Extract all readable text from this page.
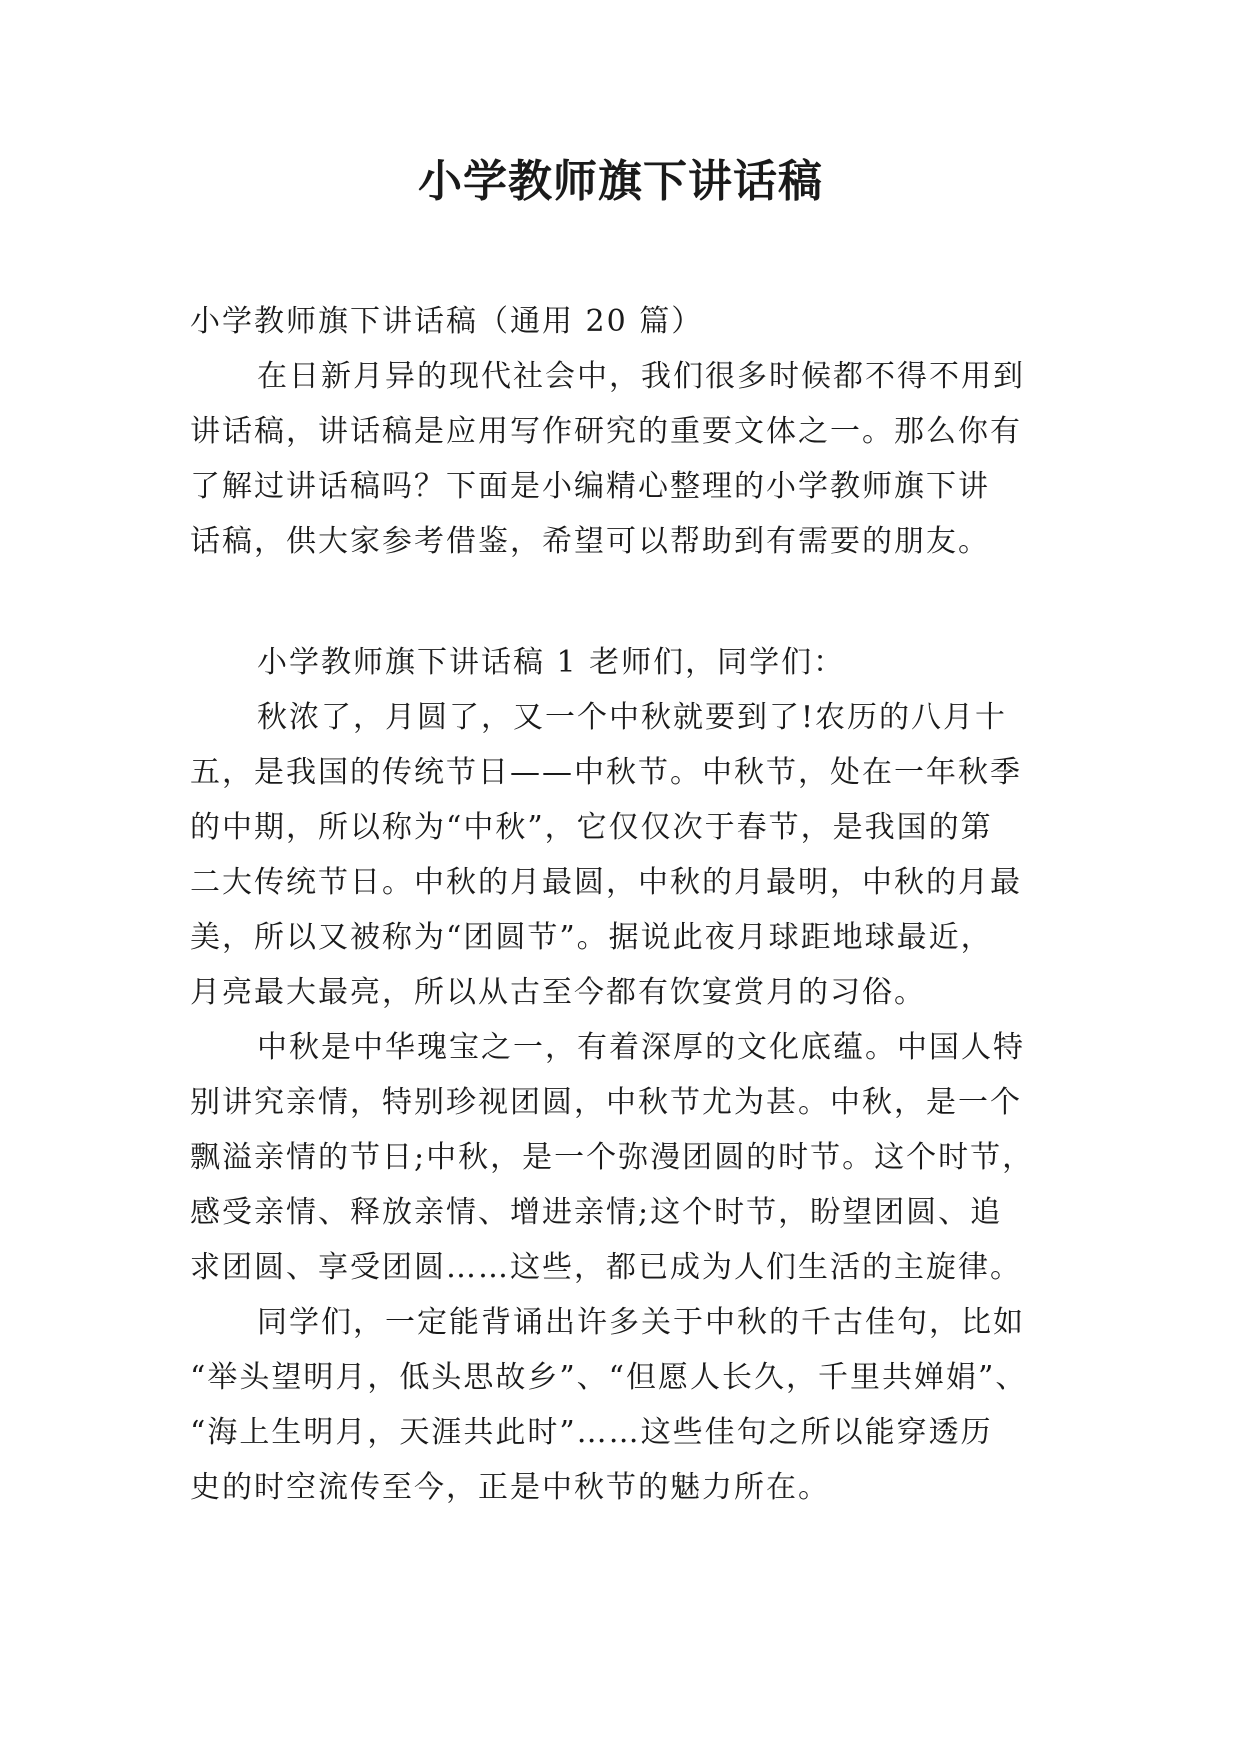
小学教师旗下讲话稿
小学教师旗下讲话稿（通用 20 篇）
在日新月异的现代社会中，我们很多时候都不得不用到
讲话稿，讲话稿是应用写作研究的重要文体之一。那么你有
了解过讲话稿吗？下面是小编精心整理的小学教师旗下讲
话稿，供大家参考借鉴，希望可以帮助到有需要的朋友。
小学教师旗下讲话稿 1 老师们，同学们：
秋浓了，月圆了，又一个中秋就要到了!农历的八月十
五，是我国的传统节日——中秋节。中秋节，处在一年秋季
的中期，所以称为“中秋”，它仅仅次于春节，是我国的第
二大传统节日。中秋的月最圆，中秋的月最明，中秋的月最
美，所以又被称为“团圆节”。据说此夜月球距地球最近，
月亮最大最亮，所以从古至今都有饮宴赏月的习俗。
中秋是中华瑰宝之一，有着深厚的文化底蕴。中国人特
别讲究亲情，特别珍视团圆，中秋节尤为甚。中秋，是一个
飘溢亲情的节日;中秋，是一个弥漫团圆的时节。这个时节，
感受亲情、释放亲情、增进亲情;这个时节，盼望团圆、追
求团圆、享受团圆……这些，都已成为人们生活的主旋律。
同学们，一定能背诵出许多关于中秋的千古佳句，比如
“举头望明月，低头思故乡”、“但愿人长久，千里共婵娟”、
“海上生明月，天涯共此时”……这些佳句之所以能穿透历
史的时空流传至今，正是中秋节的魅力所在。
